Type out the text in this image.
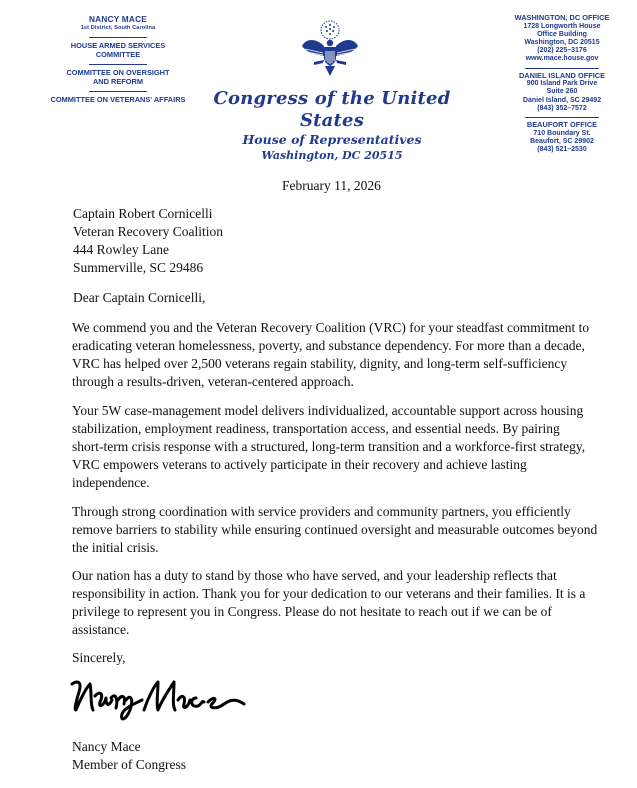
NANCY MACE
1st District, South Carolina
HOUSE ARMED SERVICES
COMMITTEE
COMMITTEE ON OVERSIGHT
AND REFORM
COMMITTEE ON VETERANS' AFFAIRS	Congress of the United States
House of Representatives
Washington, DC 20515
WASHINGTON, DC OFFICE
1728 Longworth House
Office Building
Washington, DC 20515
(202) 225–3176
www.mace.house.gov
DANIEL ISLAND OFFICE
900 Island Park Drive
Suite 260
Daniel Island, SC 29492
(843) 352–7572
BEAUFORT OFFICE
710 Boundary St.
Beaufort, SC 29902
(843) 521–2530
February 11, 2026
Captain Robert Cornicelli
Veteran Recovery Coalition
444 Rowley Lane
Summerville, SC 29486
Dear Captain Cornicelli,
We commend you and the Veteran Recovery Coalition (VRC) for your steadfast commitment to
eradicating veteran homelessness, poverty, and substance dependency. For more than a decade,
VRC has helped over 2,500 veterans regain stability, dignity, and long-term self-sufficiency
through a results-driven, veteran-centered approach.
Your 5W case-management model delivers individualized, accountable support across housing
stabilization, employment readiness, transportation access, and essential needs. By pairing
short-term crisis response with a structured, long-term transition and a workforce-first strategy,
VRC empowers veterans to actively participate in their recovery and achieve lasting
independence.
Through strong coordination with service providers and community partners, you efficiently
remove barriers to stability while ensuring continued oversight and measurable outcomes beyond
the initial crisis.
Our nation has a duty to stand by those who have served, and your leadership reflects that
responsibility in action. Thank you for your dedication to our veterans and their families. It is a
privilege to represent you in Congress. Please do not hesitate to reach out if we can be of
assistance.
Sincerely,
Nancy Mace
Member of Congress
